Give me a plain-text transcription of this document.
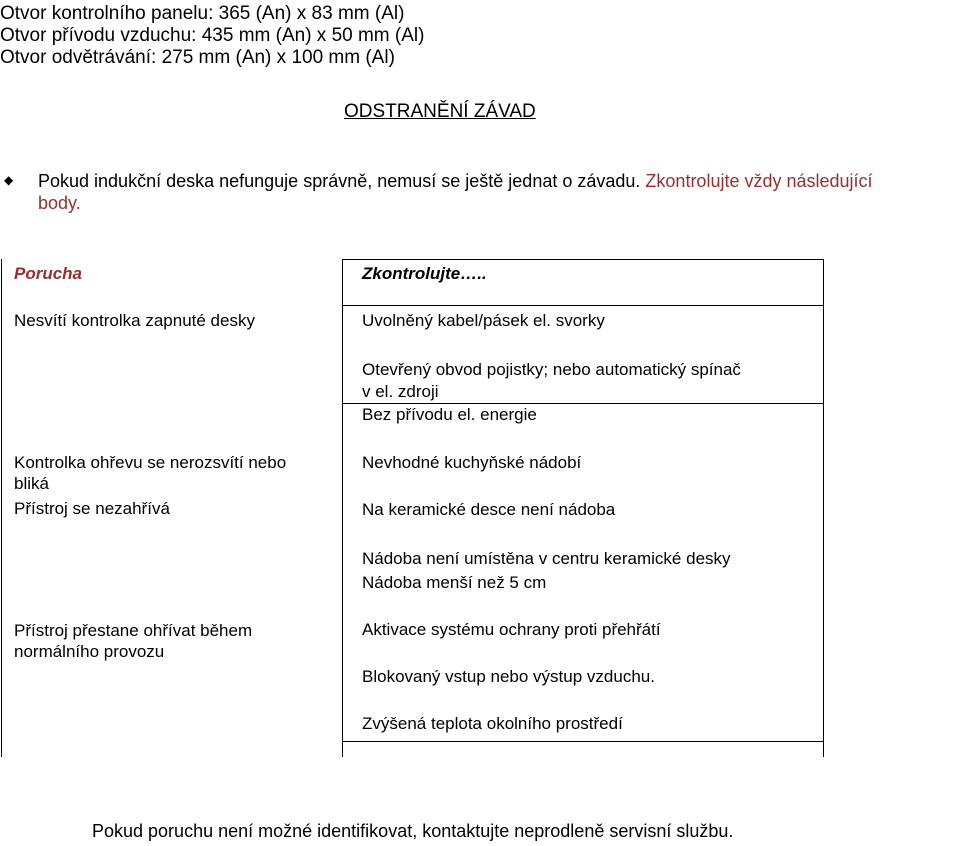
Otvor kontrolního panelu: 365 (An) x 83 mm (Al)
Otvor přívodu vzduchu: 435 mm (An) x 50 mm (Al)
Otvor odvětrávání: 275 mm (An) x 100 mm (Al)
ODSTRANĚNÍ ZÁVAD
◆ Pokud indukční deska nefunguje správně, nemusí se ještě jednat o závadu. Zkontrolujte vždy následující
body.
Porucha	Zkontrolujte…..
Nesvítí kontrolka zapnuté desky
Kontrolka ohřevu se nerozsvítí nebo
bliká
Přístroj se nezahřívá
Přístroj přestane ohřívat během
normálního provozu
Uvolněný kabel/pásek el. svorky
Otevřený obvod pojistky; nebo automatický spínač
v el. zdroji
Bez přívodu el. energie
Nevhodné kuchyňské nádobí
Na keramické desce není nádoba
Nádoba není umístěna v centru keramické desky
Nádoba menší než 5 cm
Aktivace systému ochrany proti přehřátí
Blokovaný vstup nebo výstup vzduchu.
Zvýšená teplota okolního prostředí
Pokud poruchu není možné identifikovat, kontaktujte neprodleně servisní službu.
